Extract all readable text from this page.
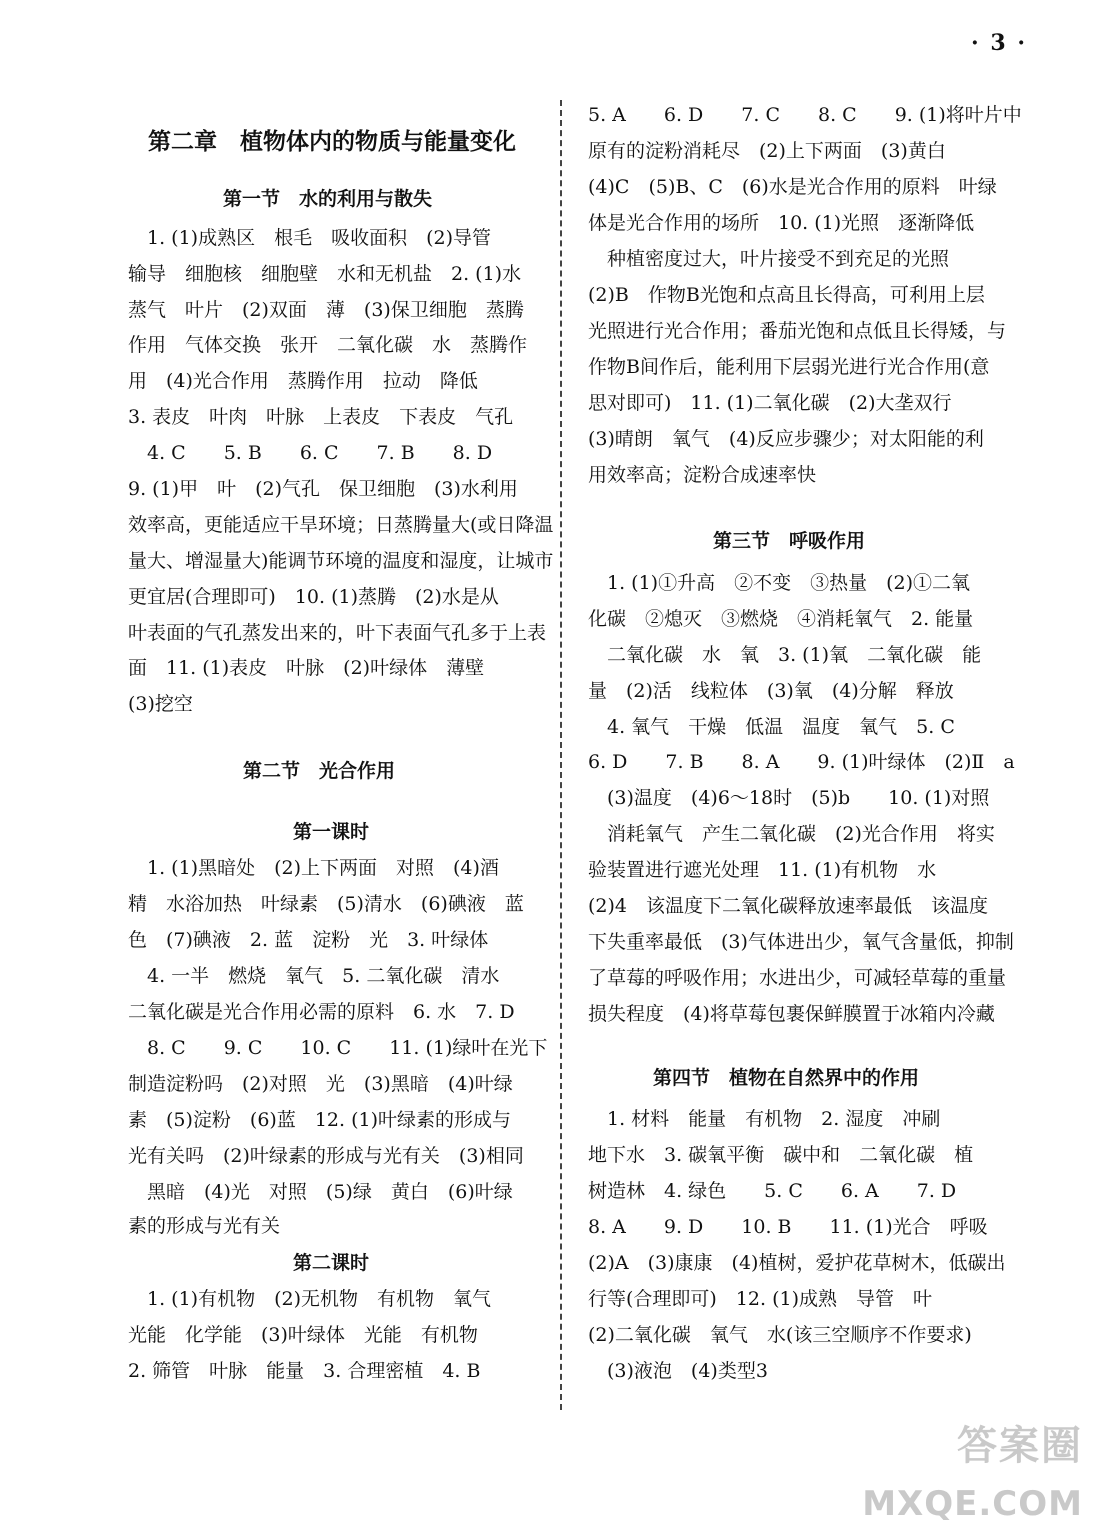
· 3 ·
第二章　植物体内的物质与能量变化
第一节　水的利用与散失
　1. (1)成熟区　根毛　吸收面积　(2)导管
输导　细胞核　细胞壁　水和无机盐　2. (1)水
蒸气　叶片　(2)双面　薄　(3)保卫细胞　蒸腾
作用　气体交换　张开　二氧化碳　水　蒸腾作
用　(4)光合作用　蒸腾作用　拉动　降低
3. 表皮　叶肉　叶脉　上表皮　下表皮　气孔
　4. C　　5. B　　6. C　　7. B　　8. D
9. (1)甲　叶　(2)气孔　保卫细胞　(3)水利用
效率高，更能适应干旱环境；日蒸腾量大(或日降温
量大、增湿量大)能调节环境的温度和湿度，让城市
更宜居(合理即可)　10. (1)蒸腾　(2)水是从
叶表面的气孔蒸发出来的，叶下表面气孔多于上表
面　11. (1)表皮　叶脉　(2)叶绿体　薄壁
(3)挖空
第二节　光合作用
第一课时
　1. (1)黑暗处　(2)上下两面　对照　(4)酒
精　水浴加热　叶绿素　(5)清水　(6)碘液　蓝
色　(7)碘液　2. 蓝　淀粉　光　3. 叶绿体
　4. 一半　燃烧　氧气　5. 二氧化碳　清水
二氧化碳是光合作用必需的原料　6. 水　7. D
　8. C　　9. C　　10. C　　11. (1)绿叶在光下
制造淀粉吗　(2)对照　光　(3)黑暗　(4)叶绿
素　(5)淀粉　(6)蓝　12. (1)叶绿素的形成与
光有关吗　(2)叶绿素的形成与光有关　(3)相同
　黑暗　(4)光　对照　(5)绿　黄白　(6)叶绿
素的形成与光有关
第二课时
　1. (1)有机物　(2)无机物　有机物　氧气
光能　化学能　(3)叶绿体　光能　有机物
2. 筛管　叶脉　能量　3. 合理密植　4. B
5. A　　6. D　　7. C　　8. C　　9. (1)将叶片中
原有的淀粉消耗尽　(2)上下两面　(3)黄白
(4)C　(5)B、C　(6)水是光合作用的原料　叶绿
体是光合作用的场所　10. (1)光照　逐渐降低
　种植密度过大，叶片接受不到充足的光照
(2)B　作物B光饱和点高且长得高，可利用上层
光照进行光合作用；番茄光饱和点低且长得矮，与
作物B间作后，能利用下层弱光进行光合作用(意
思对即可)　11. (1)二氧化碳　(2)大垄双行
(3)晴朗　氧气　(4)反应步骤少；对太阳能的利
用效率高；淀粉合成速率快
第三节　呼吸作用
　1. (1)①升高　②不变　③热量　(2)①二氧
化碳　②熄灭　③燃烧　④消耗氧气　2. 能量
　二氧化碳　水　氧　3. (1)氧　二氧化碳　能
量　(2)活　线粒体　(3)氧　(4)分解　释放
　4. 氧气　干燥　低温　温度　氧气　5. C
6. D　　7. B　　8. A　　9. (1)叶绿体　(2)Ⅱ　a
　(3)温度　(4)6～18时　(5)b　　10. (1)对照
　消耗氧气　产生二氧化碳　(2)光合作用　将实
验装置进行遮光处理　11. (1)有机物　水
(2)4　该温度下二氧化碳释放速率最低　该温度
下失重率最低　(3)气体进出少，氧气含量低，抑制
了草莓的呼吸作用；水进出少，可减轻草莓的重量
损失程度　(4)将草莓包裹保鲜膜置于冰箱内冷藏
第四节　植物在自然界中的作用
　1. 材料　能量　有机物　2. 湿度　冲刷
地下水　3. 碳氧平衡　碳中和　二氧化碳　植
树造林　4. 绿色　　5. C　　6. A　　7. D
8. A　　9. D　　10. B　　11. (1)光合　呼吸
(2)A　(3)康康　(4)植树，爱护花草树木，低碳出
行等(合理即可)　12. (1)成熟　导管　叶
(2)二氧化碳　氧气　水(该三空顺序不作要求)
　(3)液泡　(4)类型3
答案圈
MXQE.COM
